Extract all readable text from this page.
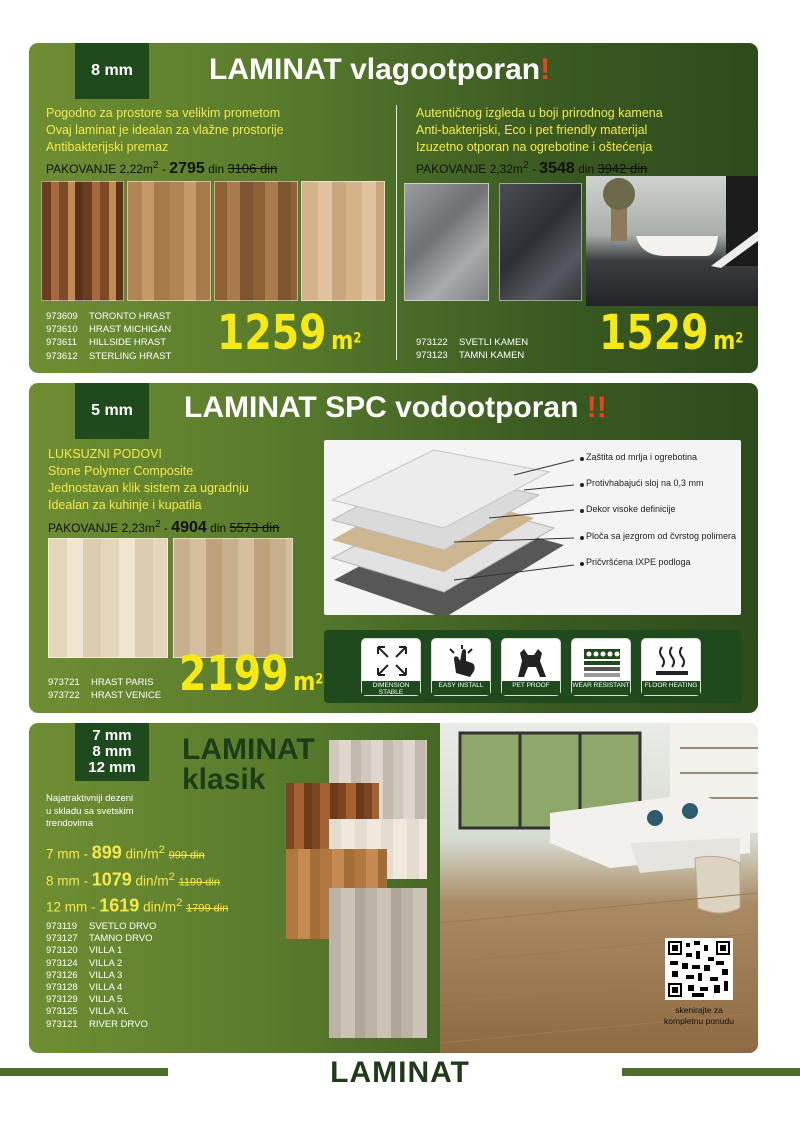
8 mm	LAMINAT vlagootporan!
Pogodno za prostore sa velikim prometom
Ovaj laminat je idealan za vlažne prostorije
Antibakterijski premaz
PAKOVANJE $2,22m^2 - 2795$ din 3106 din
973609 TORONTO HRAST
973610 HRAST MICHIGAN
973611 HILLSIDE HRAST
973612 STERLING HRAST 1259 $m^2$
Autentičnog izgleda u boji prirodnog kamena
Anti-bakterijski, Eco i pet friendly materijal
Izuzetno otporan na ogrebotine i oštećenja
PAKOVANJE $2,32m^2 - 3548$ din 3942 din
973122 SVETLI KAMEN
973123 TAMNI KAMEN 1529 $m^2$
5 mm	LAMINAT SPC vodootporan !!
LUKSUZNI PODOVI
Stone Polymer Composite
Jednostavan klik sistem za ugradnju
Idealan za kuhinje i kupatila
PAKOVANJE $2,23m^2 - 4904$ din 5573 din
973721 HRAST PARIS
973722 HRAST VENICE 2199 $m^2$
Zaštita od mrlja i ogrebotina
Protivhabajući sloj na 0,3 mm
Dekor visoke definicije
Ploča sa jezgrom od čvrstog polimera
Pričvršćena IXPE podloga
DIMENSION STABLE
EASY INSTALL	PET PROOF	WEAR RESISTANT	FLOOR HEATING
7 mm
8 mm
12 mm
LAMINAT
klasik
Najatraktivniji dezeni
u skladu sa svetskim
trendovima
7 mm - 899 din/$m^2$ 999 din
8 mm - 1079 din/$m^2$ 1199 din
12 mm - 1619 din/$m^2$ 1799 din
973119 SVETLO DRVO
973127 TAMNO DRVO
973120 VILLA 1
973124 VILLA 2
973126 VILLA 3
973128 VILLA 4
973129 VILLA 5
973125 VILLA XL
973121 RIVER DRVO
skenirajte za
kompletnu ponudu
LAMINAT
